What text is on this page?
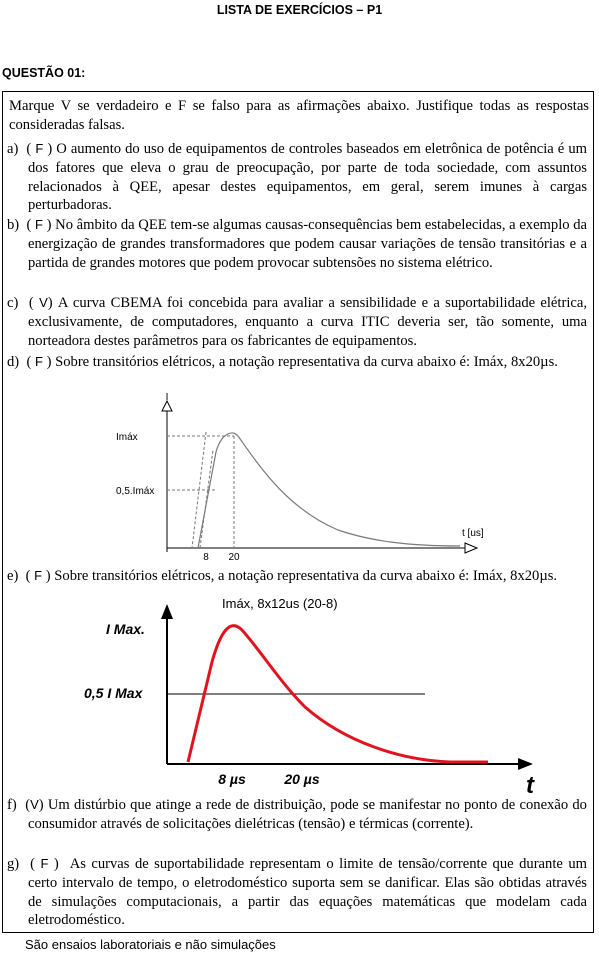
LISTA DE EXERCÍCIOS – P1
QUESTÃO 01:
Marque V se verdadeiro e F se falso para as afirmações abaixo. Justifique todas as respostas consideradas falsas.
a)  ( F ) O aumento do uso de equipamentos de controles baseados em eletrônica de potência é um dos fatores que eleva o grau de preocupação, por parte de toda sociedade, com assuntos relacionados à QEE, apesar destes equipamentos, em geral, serem imunes à cargas perturbadoras.
b)  ( F ) No âmbito da QEE tem-se algumas causas-consequências bem estabelecidas, a exemplo da energização de grandes transformadores que podem causar variações de tensão transitórias e a partida de grandes motores que podem provocar subtensões no sistema elétrico.
c)  ( V) A curva CBEMA foi concebida para avaliar a sensibilidade e a suportabilidade elétrica, exclusivamente, de computadores, enquanto a curva ITIC deveria ser, tão somente, uma norteadora destes parâmetros para os fabricantes de equipamentos.
d)  ( F ) Sobre transitórios elétricos, a notação representativa da curva abaixo é: Imáx, 8x20µs.
I
t [us]
Imáx
0,5.Imáx
8 20
e)  ( F ) Sobre transitórios elétricos, a notação representativa da curva abaixo é: Imáx, 8x20µs.
Imáx, 8x12us (20-8)
I Max.
0,5 I Max
8 µs	20 µs	t
f)  (V) Um distúrbio que atinge a rede de distribuição, pode se manifestar no ponto de conexão do consumidor através de solicitações dielétricas (tensão) e térmicas (corrente).
g)  ( F )  As curvas de suportabilidade representam o limite de tensão/corrente que durante um certo intervalo de tempo, o eletrodoméstico suporta sem se danificar. Elas são obtidas através de simulações computacionais, a partir das equações matemáticas que modelam cada eletrodoméstico.
São ensaios laboratoriais e não simulações
